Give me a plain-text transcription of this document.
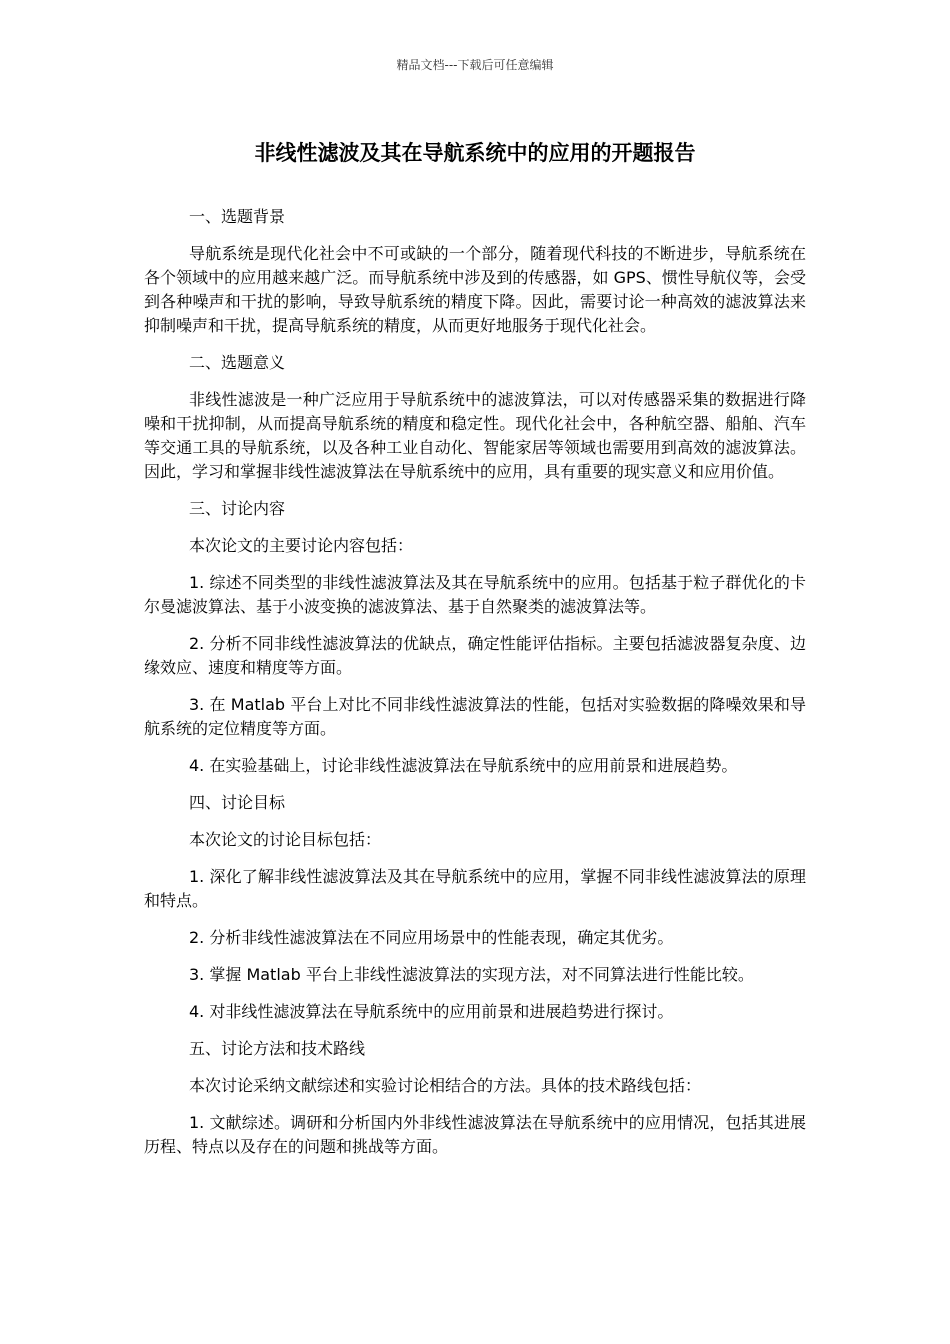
精品文档---下载后可任意编辑
非线性滤波及其在导航系统中的应用的开题报告
一、选题背景
导航系统是现代化社会中不可或缺的一个部分，随着现代科技的不断进步，导航系统在各个领域中的应用越来越广泛。而导航系统中涉及到的传感器，如 GPS、惯性导航仪等，会受到各种噪声和干扰的影响，导致导航系统的精度下降。因此，需要讨论一种高效的滤波算法来抑制噪声和干扰，提高导航系统的精度，从而更好地服务于现代化社会。
二、选题意义
非线性滤波是一种广泛应用于导航系统中的滤波算法，可以对传感器采集的数据进行降噪和干扰抑制，从而提高导航系统的精度和稳定性。现代化社会中，各种航空器、船舶、汽车等交通工具的导航系统，以及各种工业自动化、智能家居等领域也需要用到高效的滤波算法。因此，学习和掌握非线性滤波算法在导航系统中的应用，具有重要的现实意义和应用价值。
三、讨论内容
本次论文的主要讨论内容包括：
1. 综述不同类型的非线性滤波算法及其在导航系统中的应用。包括基于粒子群优化的卡尔曼滤波算法、基于小波变换的滤波算法、基于自然聚类的滤波算法等。
2. 分析不同非线性滤波算法的优缺点，确定性能评估指标。主要包括滤波器复杂度、边缘效应、速度和精度等方面。
3. 在 Matlab 平台上对比不同非线性滤波算法的性能，包括对实验数据的降噪效果和导航系统的定位精度等方面。
4. 在实验基础上，讨论非线性滤波算法在导航系统中的应用前景和进展趋势。
四、讨论目标
本次论文的讨论目标包括：
1. 深化了解非线性滤波算法及其在导航系统中的应用，掌握不同非线性滤波算法的原理和特点。
2. 分析非线性滤波算法在不同应用场景中的性能表现，确定其优劣。
3. 掌握 Matlab 平台上非线性滤波算法的实现方法，对不同算法进行性能比较。
4. 对非线性滤波算法在导航系统中的应用前景和进展趋势进行探讨。
五、讨论方法和技术路线
本次讨论采纳文献综述和实验讨论相结合的方法。具体的技术路线包括：
1. 文献综述。调研和分析国内外非线性滤波算法在导航系统中的应用情况，包括其进展历程、特点以及存在的问题和挑战等方面。
